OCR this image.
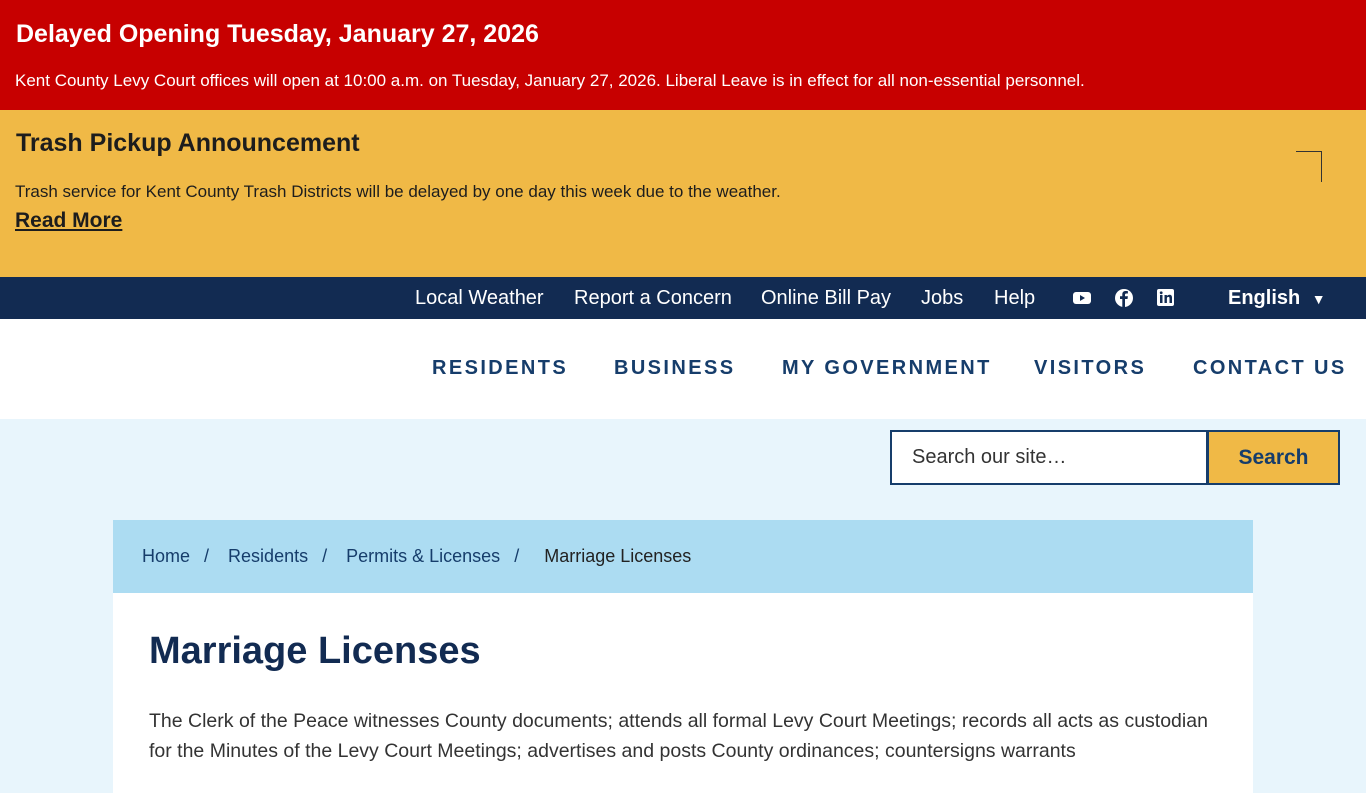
Delayed Opening Tuesday, January 27, 2026

Kent County Levy Court offices will open at 10:00 a.m. on Tuesday, January 27, 2026. Liberal Leave is in effect for all non-essential personnel.

Trash Pickup Announcement

Trash service for Kent County Trash Districts will be delayed by one day this week due to the weather.

Read More
Local Weather Report a Concern Online Bill Pay Jobs Help	English ▼
RESIDENTS BUSINESS MY GOVERNMENT VISITORS CONTACT US
Search our site…
Search
Home / Residents / Permits & Licenses / Marriage Licenses
Marriage Licenses

The Clerk of the Peace witnesses County documents; attends all formal Levy Court Meetings; records all acts as custodian for the Minutes of the Levy Court Meetings; advertises and posts County ordinances; countersigns warrants
